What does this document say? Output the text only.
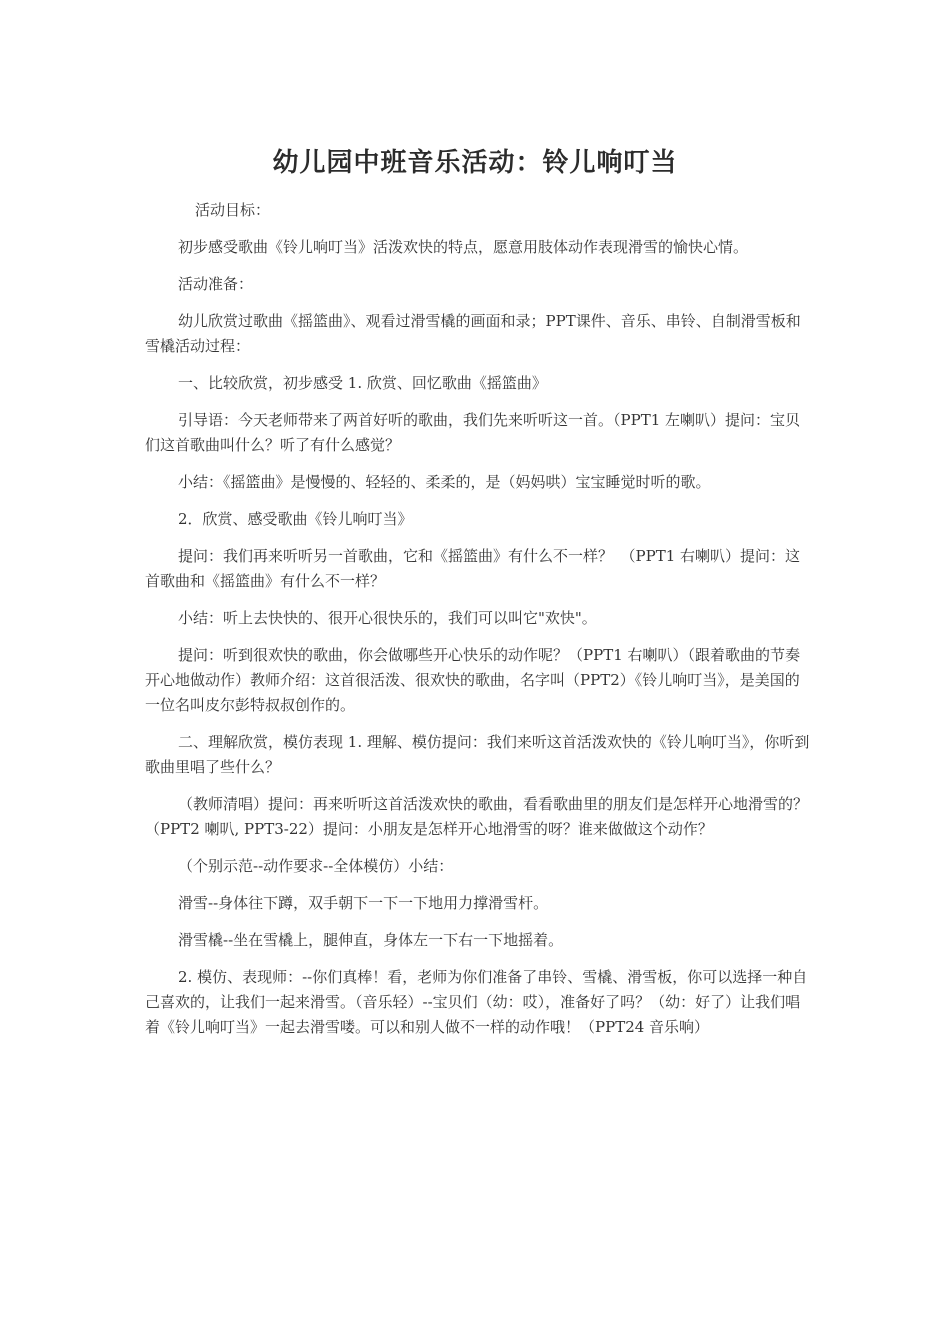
幼儿园中班音乐活动：铃儿响叮当

活动目标：

初步感受歌曲《铃儿响叮当》活泼欢快的特点，愿意用肢体动作表现滑雪的愉快心情。

活动准备：

幼儿欣赏过歌曲《摇篮曲》、观看过滑雪橇的画面和录；PPT课件、音乐、串铃、自制滑雪板和雪橇活动过程：

一、比较欣赏，初步感受 1. 欣赏、回忆歌曲《摇篮曲》

引导语：今天老师带来了两首好听的歌曲，我们先来听听这一首。（PPT1 左喇叭）提问：宝贝们这首歌曲叫什么？听了有什么感觉？

小结：《摇篮曲》是慢慢的、轻轻的、柔柔的，是（妈妈哄）宝宝睡觉时听的歌。

2．欣赏、感受歌曲《铃儿响叮当》

提问：我们再来听听另一首歌曲，它和《摇篮曲》有什么不一样？　（PPT1 右喇叭）提问：这首歌曲和《摇篮曲》有什么不一样？

小结：听上去快快的、很开心很快乐的，我们可以叫它"欢快"。

提问：听到很欢快的歌曲，你会做哪些开心快乐的动作呢？（PPT1 右喇叭）（跟着歌曲的节奏开心地做动作）教师介绍：这首很活泼、很欢快的歌曲，名字叫（PPT2）《铃儿响叮当》，是美国的一位名叫皮尔彭特叔叔创作的。

二、理解欣赏，模仿表现 1. 理解、模仿提问：我们来听这首活泼欢快的《铃儿响叮当》，你听到歌曲里唱了些什么？

（教师清唱）提问：再来听听这首活泼欢快的歌曲，看看歌曲里的朋友们是怎样开心地滑雪的？（PPT2 喇叭, PPT3-22）提问：小朋友是怎样开心地滑雪的呀？谁来做做这个动作？

（个别示范--动作要求--全体模仿）小结：

滑雪--身体往下蹲，双手朝下一下一下地用力撑滑雪杆。

滑雪橇--坐在雪橇上，腿伸直，身体左一下右一下地摇着。

2. 模仿、表现师：--你们真棒！看，老师为你们准备了串铃、雪橇、滑雪板，你可以选择一种自己喜欢的，让我们一起来滑雪。（音乐轻）--宝贝们（幼：哎），准备好了吗？（幼：好了）让我们唱着《铃儿响叮当》一起去滑雪喽。可以和别人做不一样的动作哦！（PPT24 音乐响）
